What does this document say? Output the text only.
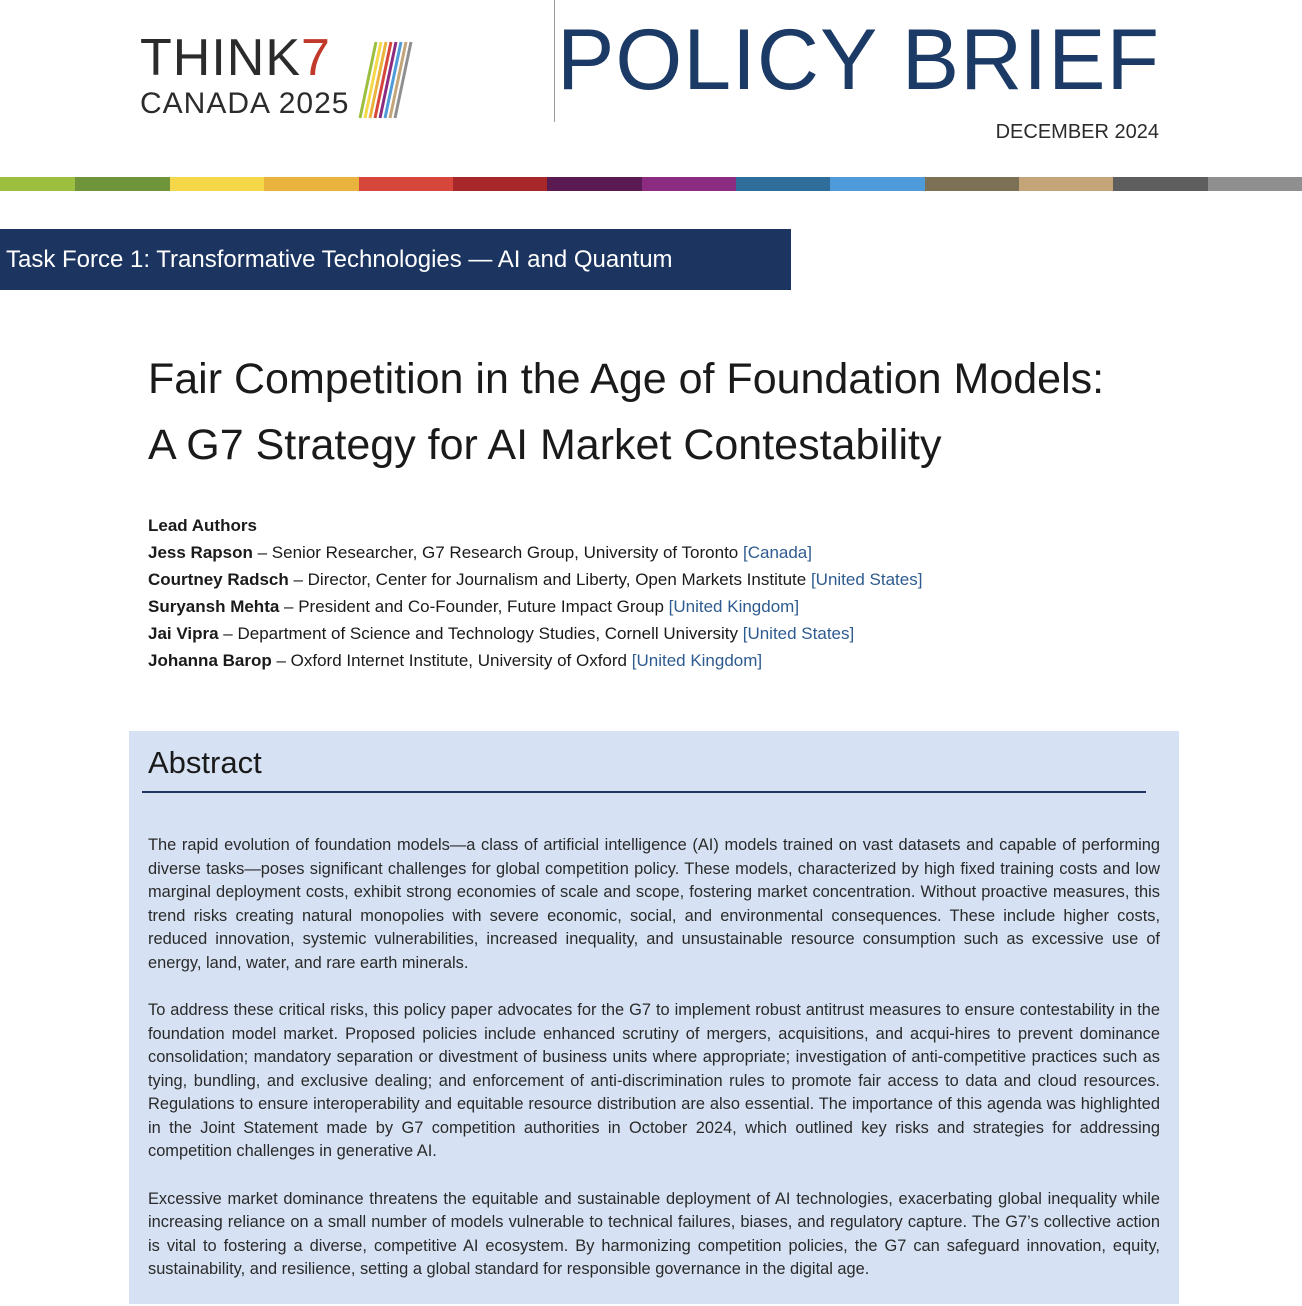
THINK7
CANADA 2025 POLICY BRIEF
DECEMBER 2024
Task Force 1: Transformative Technologies — AI and Quantum
Fair Competition in the Age of Foundation Models:
A G7 Strategy for AI Market Contestability
Lead Authors
Jess Rapson – Senior Researcher, G7 Research Group, University of Toronto [Canada]
Courtney Radsch – Director, Center for Journalism and Liberty, Open Markets Institute [United States]
Suryansh Mehta – President and Co-Founder, Future Impact Group [United Kingdom]
Jai Vipra – Department of Science and Technology Studies, Cornell University [United States]
Johanna Barop – Oxford Internet Institute, University of Oxford [United Kingdom]
Abstract

The rapid evolution of foundation models—a class of artificial intelligence (AI) models trained on vast datasets and capable of performing diverse tasks—poses significant challenges for global competition policy. These models, characterized by high fixed training costs and low marginal deployment costs, exhibit strong economies of scale and scope, fostering market concentration. Without proactive measures, this trend risks creating natural monopolies with severe economic, social, and environmental consequences. These include higher costs, reduced innovation, systemic vulnerabilities, increased inequality, and unsustainable resource consumption such as excessive use of energy, land, water, and rare earth minerals.

To address these critical risks, this policy paper advocates for the G7 to implement robust antitrust measures to ensure contestability in the foundation model market. Proposed policies include enhanced scrutiny of mergers, acquisitions, and acqui-hires to prevent dominance consolidation; mandatory separation or divestment of business units where appropriate; investigation of anti-competitive practices such as tying, bundling, and exclusive dealing; and enforcement of anti-discrimination rules to promote fair access to data and cloud resources. Regulations to ensure interoperability and equitable resource distribution are also essential. The importance of this agenda was highlighted in the Joint Statement made by G7 competition authorities in October 2024, which outlined key risks and strategies for addressing competition challenges in generative AI.

Excessive market dominance threatens the equitable and sustainable deployment of AI technologies, exacerbating global inequality while increasing reliance on a small number of models vulnerable to technical failures, biases, and regulatory capture. The G7’s collective action is vital to fostering a diverse, competitive AI ecosystem. By harmonizing competition policies, the G7 can safeguard innovation, equity, sustainability, and resilience, setting a global standard for responsible governance in the digital age.
